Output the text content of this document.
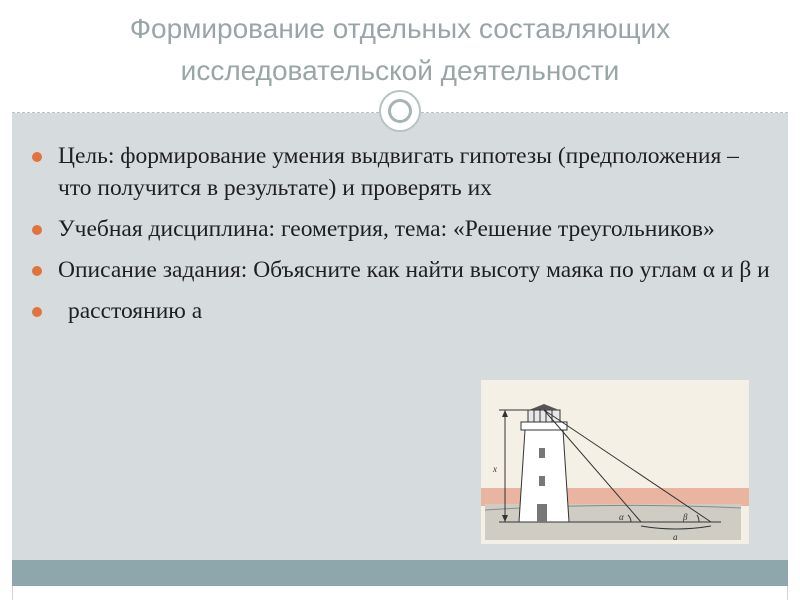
Формирование отдельных составляющих
исследовательской деятельности
Цель: формирование умения выдвигать гипотезы (предположения – что получится в результате) и проверять их
Учебная дисциплина: геометрия, тема: «Решение треугольников»
Описание задания: Объясните как найти высоту маяка по углам α и β и
расстоянию а
x
α	β
a
